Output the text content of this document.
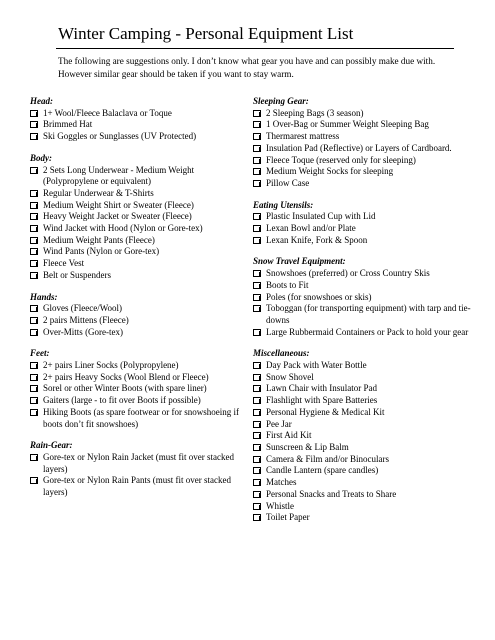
Winter Camping - Personal Equipment List
The following are suggestions only. I don’t know what gear you have and can possibly make due with. However similar gear should be taken if you want to stay warm.
Head:
1+ Wool/Fleece Balaclava or Toque
Brimmed Hat
Ski Goggles or Sunglasses (UV Protected)
Body:
2 Sets Long Underwear - Medium Weight (Polypropylene or equivalent)
Regular Underwear & T-Shirts
Medium Weight Shirt or Sweater (Fleece)
Heavy Weight Jacket or Sweater (Fleece)
Wind Jacket with Hood (Nylon or Gore-tex)
Medium Weight Pants (Fleece)
Wind Pants (Nylon or Gore-tex)
Fleece Vest
Belt or Suspenders
Hands:
Gloves (Fleece/Wool)
2 pairs Mittens (Fleece)
Over-Mitts (Gore-tex)
Feet:
2+ pairs Liner Socks (Polypropylene)
2+ pairs Heavy Socks (Wool Blend or Fleece)
Sorel or other Winter Boots (with spare liner)
Gaiters (large - to fit over Boots if possible)
Hiking Boots (as spare footwear or for snowshoeing if boots don’t fit snowshoes)
Rain-Gear:
Gore-tex or Nylon Rain Jacket (must fit over stacked layers)
Gore-tex or Nylon Rain Pants (must fit over stacked layers)
Sleeping Gear:
2 Sleeping Bags (3 season)
1 Over-Bag or Summer Weight Sleeping Bag
Thermarest mattress
Insulation Pad (Reflective) or Layers of Cardboard.
Fleece Toque (reserved only for sleeping)
Medium Weight Socks for sleeping
Pillow Case
Eating Utensils:
Plastic Insulated Cup with Lid
Lexan Bowl and/or Plate
Lexan Knife, Fork & Spoon
Snow Travel Equipment:
Snowshoes (preferred) or Cross Country Skis
Boots to Fit
Poles (for snowshoes or skis)
Toboggan (for transporting equipment) with tarp and tie-downs
Large Rubbermaid Containers or Pack to hold your gear
Miscellaneous:
Day Pack with Water Bottle
Snow Shovel
Lawn Chair with Insulator Pad
Flashlight with Spare Batteries
Personal Hygiene & Medical Kit
Pee Jar
First Aid Kit
Sunscreen & Lip Balm
Camera & Film and/or Binoculars
Candle Lantern (spare candles)
Matches
Personal Snacks and Treats to Share
Whistle
Toilet Paper
